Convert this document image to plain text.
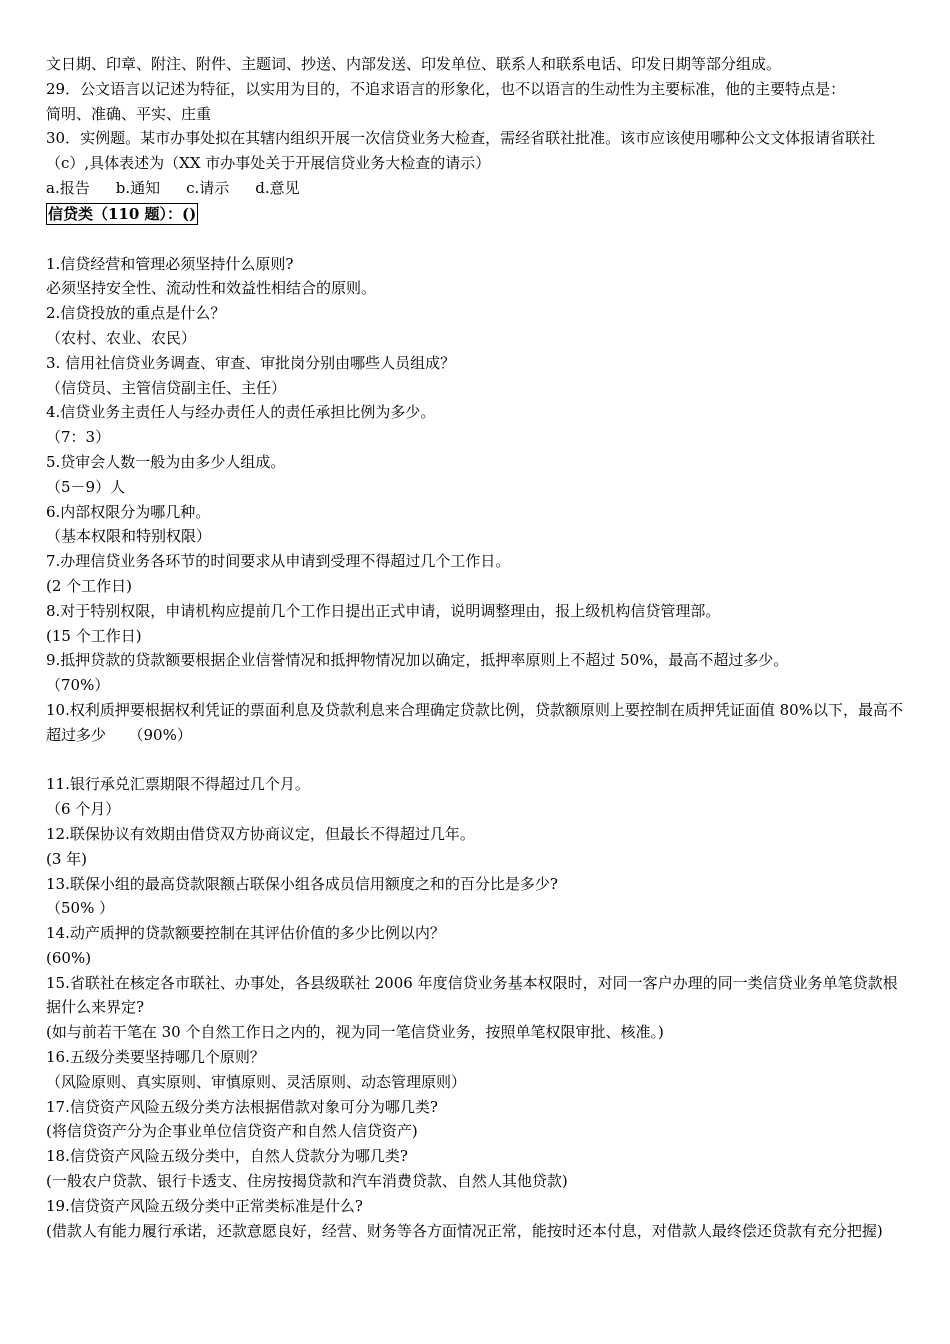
文日期、印章、附注、附件、主题词、抄送、内部发送、印发单位、联系人和联系电话、印发日期等部分组成。
29．公文语言以记述为特征，以实用为目的，不追求语言的形象化，也不以语言的生动性为主要标准，他的主要特点是：
简明、准确、平实、庄重
30．实例题。某市办事处拟在其辖内组织开展一次信贷业务大检查，需经省联社批准。该市应该使用哪种公文文体报请省联社（c）,具体表述为（XX 市办事处关于开展信贷业务大检查的请示）
a.报告 b.通知 c.请示 d.意见
信贷类（110 题）：()
1.信贷经营和管理必须坚持什么原则?
必须坚持安全性、流动性和效益性相结合的原则。
2.信贷投放的重点是什么？
（农村、农业、农民）
3. 信用社信贷业务调查、审查、审批岗分别由哪些人员组成？
（信贷员、主管信贷副主任、主任）
4.信贷业务主责任人与经办责任人的责任承担比例为多少。
（7：3）
5.贷审会人数一般为由多少人组成。
（5－9）人
6.内部权限分为哪几种。
（基本权限和特别权限）
7.办理信贷业务各环节的时间要求从申请到受理不得超过几个工作日。
(2 个工作日)
8.对于特别权限，申请机构应提前几个工作日提出正式申请，说明调整理由，报上级机构信贷管理部。
(15 个工作日)
9.抵押贷款的贷款额要根据企业信誉情况和抵押物情况加以确定，抵押率原则上不超过 50%，最高不超过多少。
（70%）
10.权利质押要根据权利凭证的票面利息及贷款利息来合理确定贷款比例，贷款额原则上要控制在质押凭证面值 80%以下，最高不超过多少　　（90%）
11.银行承兑汇票期限不得超过几个月。
（6 个月）
12.联保协议有效期由借贷双方协商议定，但最长不得超过几年。
(3 年)
13.联保小组的最高贷款限额占联保小组各成员信用额度之和的百分比是多少?
（50% ）
14.动产质押的贷款额要控制在其评估价值的多少比例以内？
(60%)
15.省联社在核定各市联社、办事处，各县级联社 2006 年度信贷业务基本权限时，对同一客户办理的同一类信贷业务单笔贷款根据什么来界定?
(如与前若干笔在 30 个自然工作日之内的，视为同一笔信贷业务，按照单笔权限审批、核准。)
16.五级分类要坚持哪几个原则？
（风险原则、真实原则、审慎原则、灵活原则、动态管理原则）
17.信贷资产风险五级分类方法根据借款对象可分为哪几类?
(将信贷资产分为企事业单位信贷资产和自然人信贷资产)
18.信贷资产风险五级分类中，自然人贷款分为哪几类?
(一般农户贷款、银行卡透支、住房按揭贷款和汽车消费贷款、自然人其他贷款)
19.信贷资产风险五级分类中正常类标准是什么?
(借款人有能力履行承诺，还款意愿良好，经营、财务等各方面情况正常，能按时还本付息，对借款人最终偿还贷款有充分把握)
